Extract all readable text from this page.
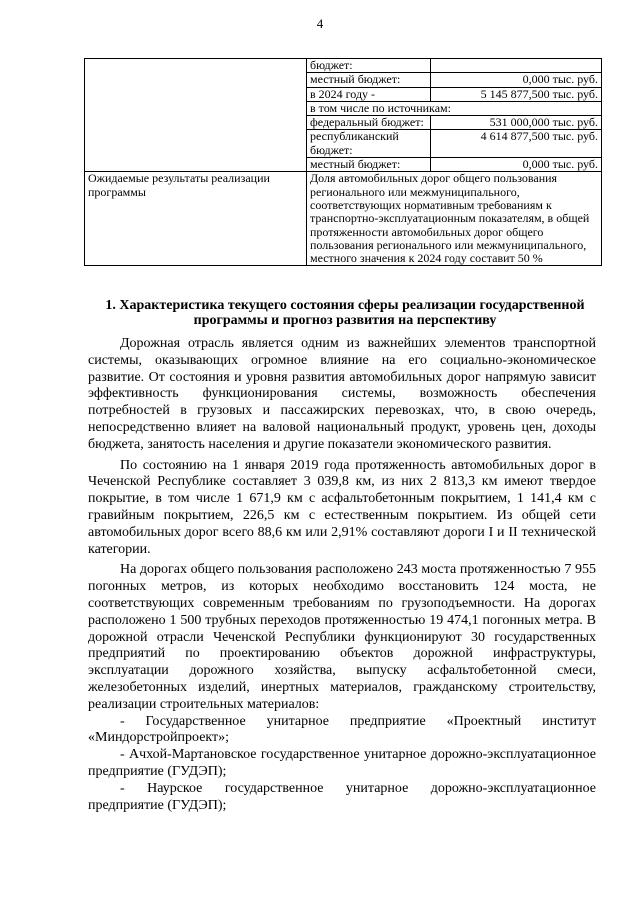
4
	бюджет:	
	местный бюджет:	0,000 тыс. руб.
	в 2024 году -	5 145 877,500 тыс. руб.
	в том числе по источникам:	
	федеральный бюджет:	531 000,000 тыс. руб.
	республиканский бюджет:	4 614 877,500 тыс. руб.
	местный бюджет:	0,000 тыс. руб.
Ожидаемые результаты реализации программы	Доля автомобильных дорог общего пользования регионального или межмуниципального, соответствующих нормативным требованиям к транспортно-эксплуатационным показателям, в общей протяженности автомобильных дорог общего пользования регионального или межмуниципального, местного значения к 2024 году составит 50 %	
1. Характеристика текущего состояния сферы реализации государственной программы и прогноз развития на перспективу

Дорожная отрасль является одним из важнейших элементов транспортной системы, оказывающих огромное влияние на его социально-экономическое развитие. От состояния и уровня развития автомобильных дорог напрямую зависит эффективность функционирования системы, возможность обеспечения потребностей в грузовых и пассажирских перевозках, что, в свою очередь, непосредственно влияет на валовой национальный продукт, уровень цен, доходы бюджета, занятость населения и другие показатели экономического развития.

По состоянию на 1 января 2019 года протяженность автомобильных дорог в Чеченской Республике составляет 3 039,8 км, из них 2 813,3 км имеют твердое покрытие, в том числе 1 671,9 км с асфальтобетонным покрытием, 1 141,4 км с гравийным покрытием, 226,5 км с естественным покрытием. Из общей сети автомобильных дорог всего 88,6 км или 2,91% составляют дороги I и II технической категории.

На дорогах общего пользования расположено 243 моста протяженностью 7 955 погонных метров, из которых необходимо восстановить 124 моста, не соответствующих современным требованиям по грузоподъемности. На дорогах расположено 1 500 трубных переходов протяженностью 19 474,1 погонных метра. В дорожной отрасли Чеченской Республики функционируют 30 государственных предприятий по проектированию объектов дорожной инфраструктуры, эксплуатации дорожного хозяйства, выпуску асфальтобетонной смеси, железобетонных изделий, инертных материалов, гражданскому строительству, реализации строительных материалов:

- Государственное унитарное предприятие «Проектный институт «Миндорстройпроект»;

- Ачхой-Мартановское государственное унитарное дорожно-эксплуатационное предприятие (ГУДЭП);

- Наурское государственное унитарное дорожно-эксплуатационное предприятие (ГУДЭП);
